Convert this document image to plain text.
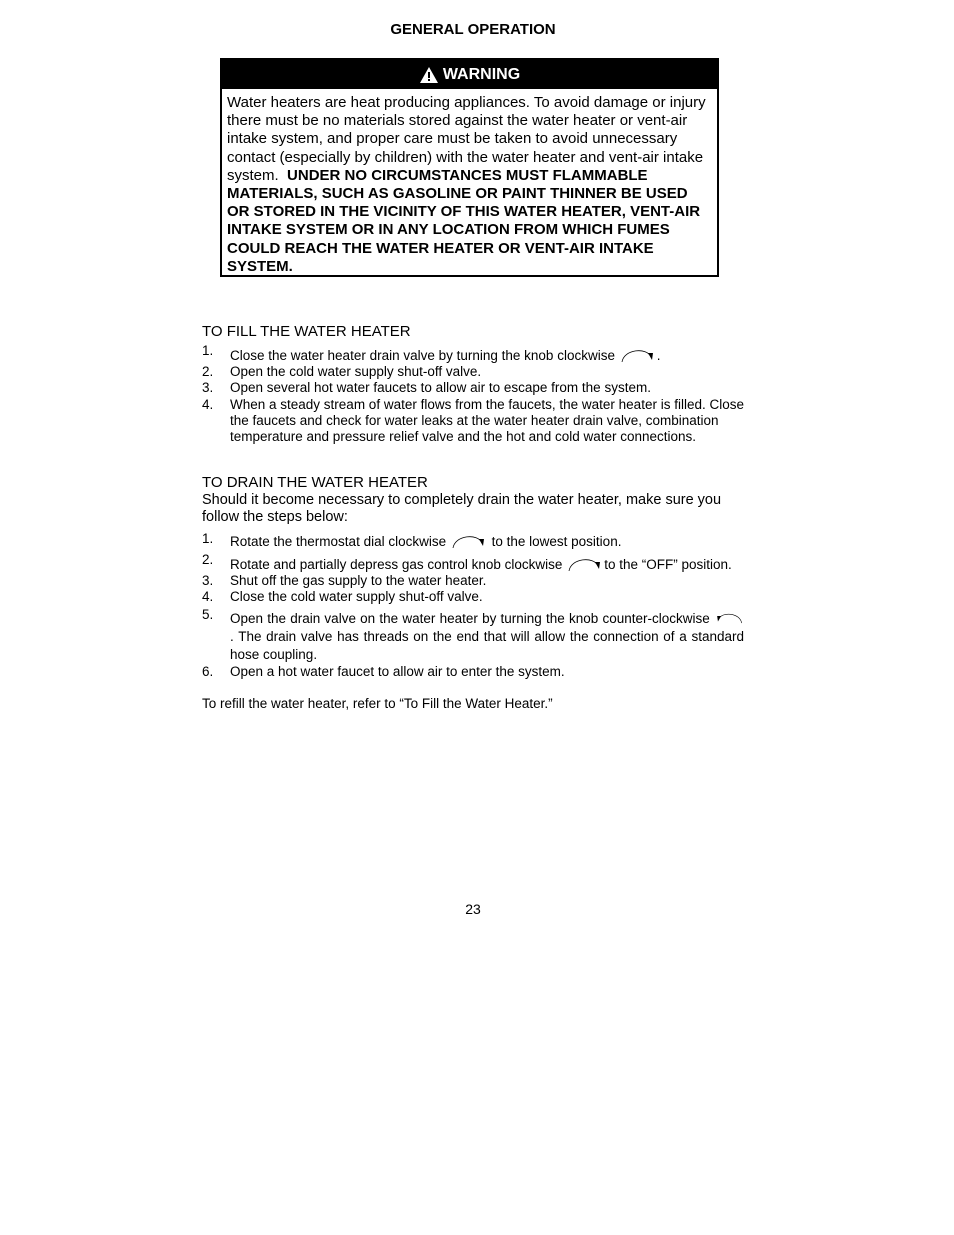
GENERAL OPERATION
WARNING
Water heaters are heat producing appliances. To avoid damage or injury there must be no materials stored against the water heater or vent-air intake system, and proper care must be taken to avoid unnecessary contact (especially by children) with the water heater and vent-air intake system. UNDER NO CIRCUMSTANCES MUST FLAMMABLE MATERIALS, SUCH AS GASOLINE OR PAINT THINNER BE USED OR STORED IN THE VICINITY OF THIS WATER HEATER, VENT-AIR INTAKE SYSTEM OR IN ANY LOCATION FROM WHICH FUMES COULD REACH THE WATER HEATER OR VENT-AIR INTAKE SYSTEM.
TO FILL THE WATER HEATER
1. Close the water heater drain valve by turning the knob clockwise	.
2. Open the cold water supply shut-off valve.
3. Open several hot water faucets to allow air to escape from the system.
4. When a steady stream of water flows from the faucets, the water heater is filled. Close the faucets and check for water leaks at the water heater drain valve, combination temperature and pressure relief valve and the hot and cold water connections.
TO DRAIN THE WATER HEATER
Should it become necessary to completely drain the water heater, make sure you follow the steps below:
1. Rotate the thermostat dial clockwise	to the lowest position.
2. Rotate and partially depress gas control knob clockwise	to the “OFF” position.
3. Shut off the gas supply to the water heater.
4. Close the cold water supply shut-off valve.
5. Open the drain valve on the water heater by turning the knob counter-clockwise  . The drain valve has threads on the end that will allow the connection of a standard hose coupling.
6. Open a hot water faucet to allow air to enter the system.
To refill the water heater, refer to “To Fill the Water Heater.”
23
